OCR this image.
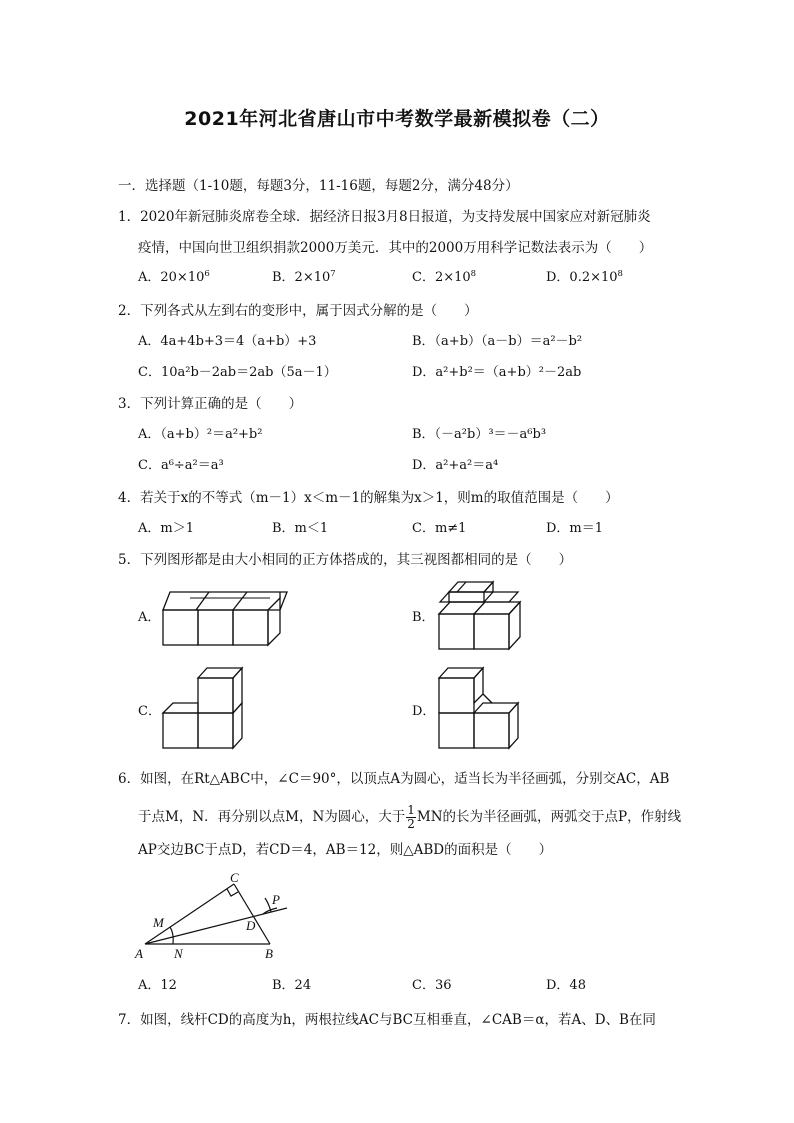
2021年河北省唐山市中考数学最新模拟卷（二）
一．选择题（1-10题，每题3分，11-16题，每题2分，满分48分）
1．2020年新冠肺炎席卷全球．据经济日报3月8日报道，为支持发展中国家应对新冠肺炎
疫情，中国向世卫组织捐款2000万美元．其中的2000万用科学记数法表示为（　　）
A．$20\times 10^6$	B．$2\times 10^7$	C．$2\times 10^8$	D．$0.2\times 10^8$
2．下列各式从左到右的变形中，属于因式分解的是（　　）
A．4a+4b+3＝4（a+b）+3	B．（a+b）（a－b）＝a²－b²
C．10a²b－2ab＝2ab（5a－1）	D．a²+b²＝（a+b）²－2ab
3．下列计算正确的是（　　）
A．（a+b）²＝a²+b²	B．（－a²b）³＝－a⁶b³
C．a⁶÷a²＝a³	D．a²+a²＝a⁴
4．若关于x的不等式（m－1）x＜m－1的解集为x＞1，则m的取值范围是（　　）
A．m＞1	B．m＜1	C．m≠1	D．m＝1
5．下列图形都是由大小相同的正方体搭成的，其三视图都相同的是（　　）
A．	B．
C．	D．
6．如图，在Rt△ABC中，∠C＝90°，以顶点A为圆心，适当长为半径画弧，分别交AC，AB
于点M，N．再分别以点M，N为圆心，大于 $\frac{1}{2}$ MN的长为半径画弧，两弧交于点P，作射线
AP交边BC于点D，若CD＝4，AB＝12，则△ABD的面积是（　　）
C
P
M	D
A N	B
A．12	B．24	C．36	D．48
7．如图，线杆CD的高度为h，两根拉线AC与BC互相垂直，∠CAB＝α，若A、D、B在同
